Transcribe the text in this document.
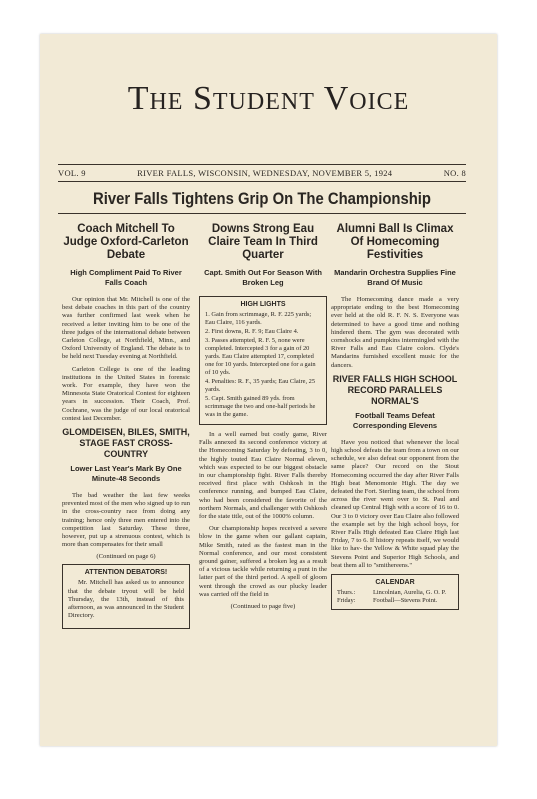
The Student Voice
VOL. 9	RIVER FALLS, WISCONSIN, WEDNESDAY, NOVEMBER 5, 1924	NO. 8
River Falls Tightens Grip On The Championship
Coach Mitchell To Judge Oxford-Carleton Debate
High Compliment Paid To River Falls Coach

Our opinion that Mr. Mitchell is one of the best debate coaches in this part of the country was further confirmed last week when he received a letter inviting him to be one of the three judges of the international debate between Carleton College, at Northfield, Minn., and Oxford University of England. The debate is to be held next Tuesday evening at Northfield.

Carleton College is one of the leading institutions in the United States in forensic work. For example, they have won the Minnesota State Oratorical Contest for eighteen years in succession. Their Coach, Prof. Cochrane, was the judge of our local oratorical contest last December.

GLOMDEISEN, BILES, SMITH, STAGE FAST CROSS-COUNTRY
Lower Last Year's Mark By One Minute-48 Seconds

The bad weather the last few weeks prevented most of the men who signed up to run in the cross-country race from doing any training; hence only three men entered into the competition last Saturday. These three, however, put up a strenuous contest, which is more than compensates for their small

(Continued on page 6)
ATTENTION DEBATORS!

Mr. Mitchell has asked us to announce that the debate tryout will be held Thursday, the 13th, instead of this afternoon, as was announced in the Student Directory.

Downs Strong Eau Claire Team In Third Quarter
Capt. Smith Out For Season With Broken Leg
HIGH LIGHTS

1. Gain from scrimmage, R. F. 225 yards; Eau Claire, 116 yards.

2. First downs, R. F. 9; Eau Claire 4.

3. Passes attempted, R. F. 5, none were completed. Intercepted 3 for a gain of 20 yards. Eau Claire attempted 17, completed one for 10 yards. Intercepted one for a gain of 10 yds.

4. Penalties: R. F., 35 yards; Eau Claire, 25 yards.

5. Capt. Smith gained 89 yds. from scrimmage the two and one-half periods he was in the game.

In a well earned but costly game, River Falls annexed its second conference victory at the Homecoming Saturday by defeating, 3 to 0, the highly touted Eau Claire Normal eleven, which was expected to be our biggest obstacle in our championship fight. River Falls thereby received first place with Oshkosh in the conference running, and bumped Eau Claire, who had been considered the favorite of the northern Normals, and challenger with Oshkosh for the state title, out of the 1000% column.

Our championship hopes received a severe blow in the game when our gallant captain, Mike Smith, rated as the fastest man in the Normal conference, and our most consistent ground gainer, suffered a broken leg as a result of a vicious tackle while returning a punt in the latter part of the third period. A spell of gloom went through the crowd as our plucky leader was carried off the field in

(Continued to page five)
Alumni Ball Is Climax Of Homecoming Festivities
Mandarin Orchestra Supplies Fine Brand Of Music

The Homecoming dance made a very appropriate ending to the best Homecoming ever held at the old R. F. N. S. Everyone was determined to have a good time and nothing hindered them. The gym was decorated with cornshocks and pumpkins intermingled with the River Falls and Eau Claire colors. Clyde's Mandarins furnished excellent music for the dancers.

RIVER FALLS HIGH SCHOOL RECORD PARALLELS NORMAL'S
Football Teams Defeat Corresponding Elevens

Have you noticed that whenever the local high school defeats the team from a town on our schedule, we also defeat our opponent from the same place? Our record on the Stout Homecoming occurred the day after River Falls High beat Menomonie High. The day we defeated the Fort. Sterling team, the school from across the river went over to St. Paul and cleaned up Central High with a score of 16 to 0. Our 3 to 0 victory over Eau Claire also followed the example set by the high school boys, for River Falls High defeated Eau Claire High last Friday, 7 to 6. If history repeats itself, we would like to hav- the Yellow & White squad play the Stevens Point and Superior High Schools, and beat them all to "smithereens."

CALENDAR
Thurs.:	Lincolnian, Aurelia, G. O. P.
Friday:	Football—Stevens Point.
